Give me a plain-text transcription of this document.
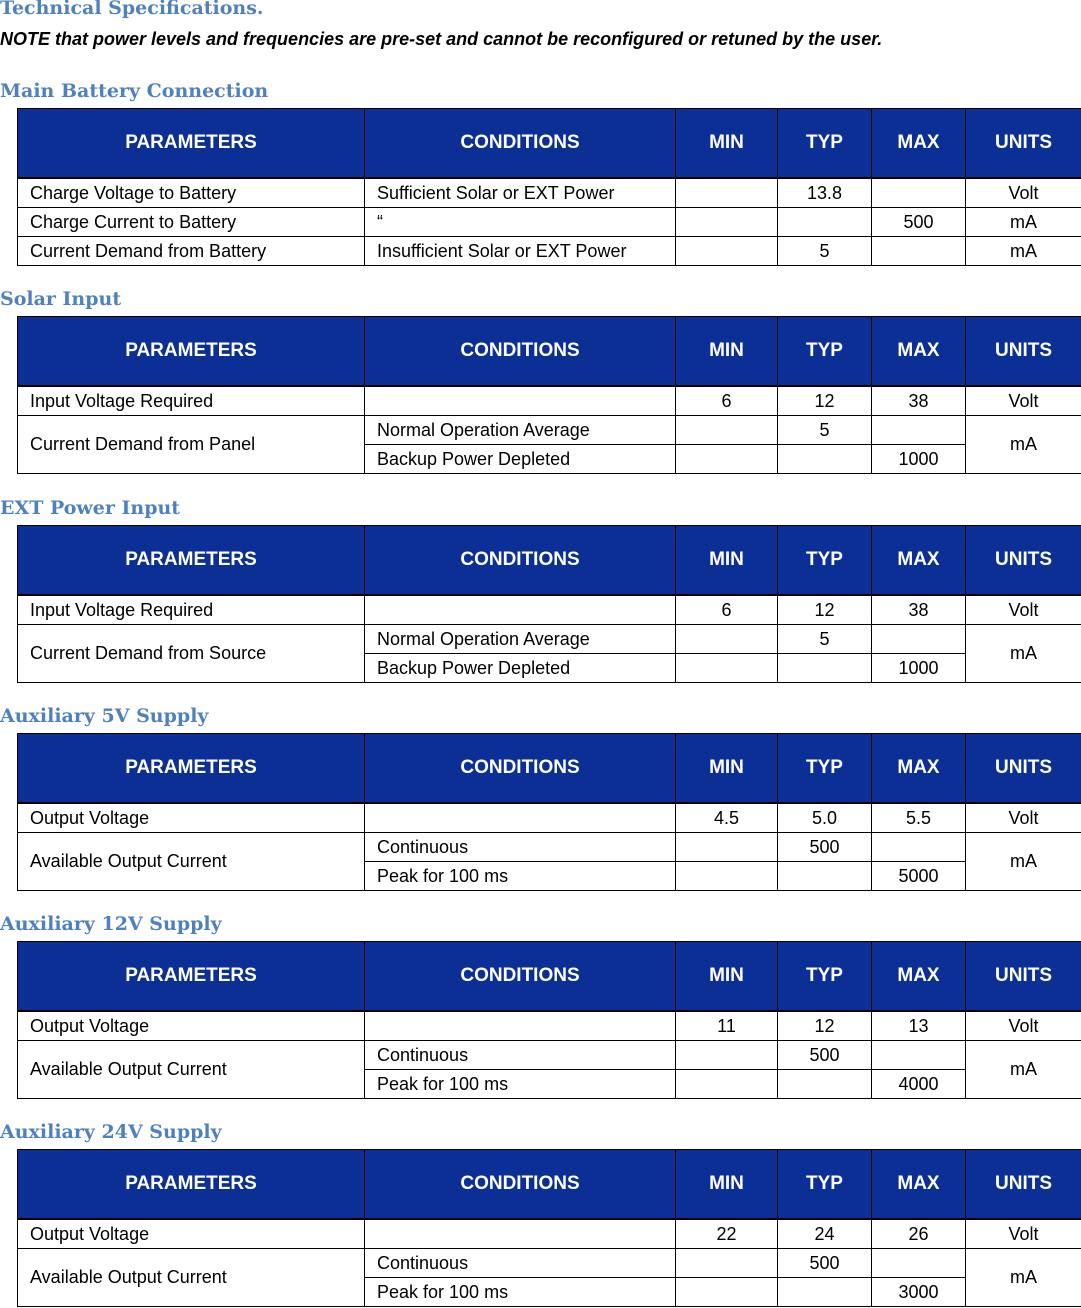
Technical Specifications.
NOTE that power levels and frequencies are pre-set and cannot be reconfigured or retuned by the user.
Main Battery Connection
PARAMETERS	CONDITIONS	MIN	TYP	MAX	UNITS
Charge Voltage to Battery	Sufficient Solar or EXT Power		13.8		Volt
Charge Current to Battery	“			500	mA
Current Demand from Battery	Insufficient Solar or EXT Power		5		mA
Solar Input
PARAMETERS	CONDITIONS	MIN	TYP	MAX	UNITS
Input Voltage Required		6	12	38	Volt
Current Demand from Panel	Normal Operation Average		5		mA
	Backup Power Depleted			1000	
EXT Power Input
PARAMETERS	CONDITIONS	MIN	TYP	MAX	UNITS
Input Voltage Required		6	12	38	Volt
Current Demand from Source	Normal Operation Average		5		mA
	Backup Power Depleted			1000	
Auxiliary 5V Supply
PARAMETERS	CONDITIONS	MIN	TYP	MAX	UNITS
Output Voltage		4.5	5.0	5.5	Volt
Available Output Current	Continuous		500		mA
	Peak for 100 ms			5000	
Auxiliary 12V Supply
PARAMETERS	CONDITIONS	MIN	TYP	MAX	UNITS
Output Voltage		11	12	13	Volt
Available Output Current	Continuous		500		mA
	Peak for 100 ms			4000	
Auxiliary 24V Supply
PARAMETERS	CONDITIONS	MIN	TYP	MAX	UNITS
Output Voltage		22	24	26	Volt
Available Output Current	Continuous		500		mA
	Peak for 100 ms			3000	
